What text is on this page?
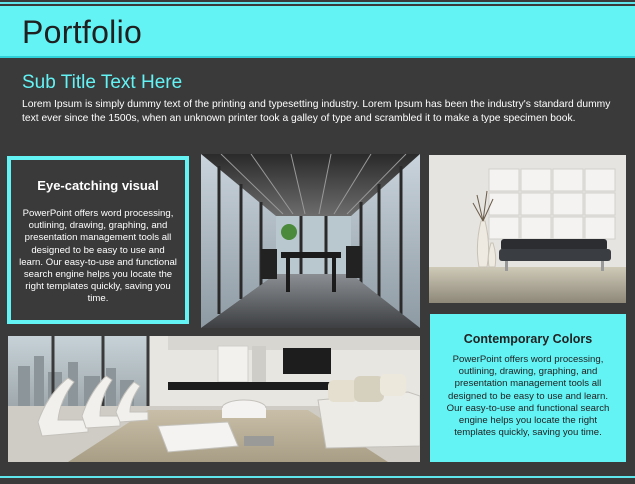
Portfolio
Sub Title Text Here
Lorem Ipsum is simply dummy text of the printing and typesetting industry. Lorem Ipsum has been the industry's standard dummy text ever since the 1500s, when an unknown printer took a galley of type and scrambled it to make a type specimen book.
Eye-catching visual
PowerPoint offers word processing, outlining, drawing, graphing, and presentation management tools all designed to be easy to use and learn. Our easy-to-use and functional search engine helps you locate the right templates quickly, saving you time.
Contemporary Colors
PowerPoint offers word processing, outlining, drawing, graphing, and presentation management tools all designed to be easy to use and learn. Our easy-to-use and functional search engine helps you locate the right templates quickly, saving you time.
